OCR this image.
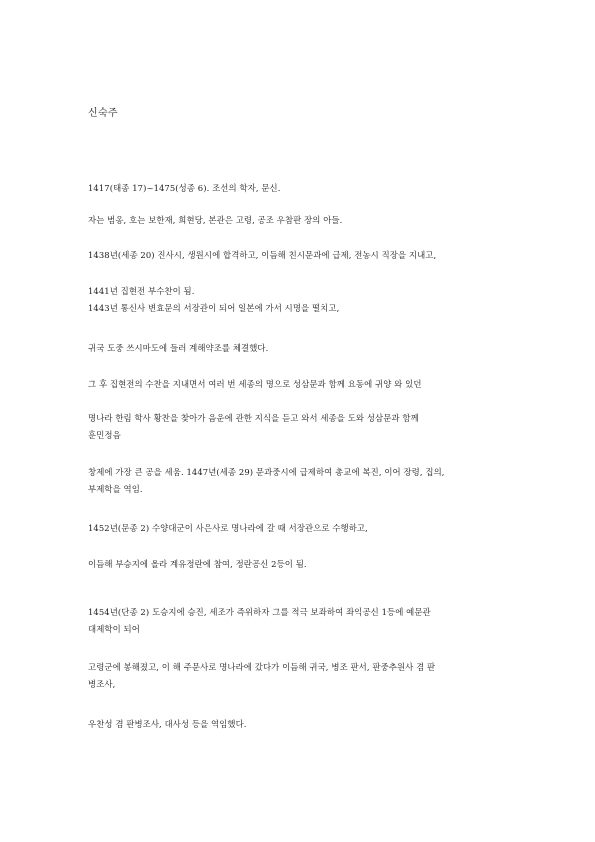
신숙주
1417(태종 17)~1475(성종 6). 조선의 학자, 문신.
자는 범옹, 호는 보한재, 희현당, 본관은 고령, 공조 우참판 장의 아들.
1438년(세종 20) 진사시, 생원시에 합격하고, 이듬해 친시문과에 급제, 전농시 직장을 지내고,
1441년 집현전 부수찬이 됨.
1443년 통신사 변효문의 서장관이 되어 일본에 가서 시명을 떨치고,
귀국 도중 쓰시마도에 들러 계해약조를 체결했다.
그 후 집현전의 수찬을 지내면서 여러 번 세종의 명으로 성삼문과 함께 요동에 귀양 와 있던
명나라 한림 학사 황찬을 찾아가 음운에 관한 지식을 듣고 와서 세종을 도와 성삼문과 함께
훈민정음
창제에 가장 큰 공을 세움. 1447년(세종 29) 문과중시에 급제하여 총교에 복진, 이어 장령, 집의,
부제학을 역임.
1452년(문종 2) 수양대군이 사은사로 명나라에 갈 때 서장관으로 수행하고,
이듬해 부승지에 올라 계유정란에 참여, 정란공신 2등이 됨.
1454년(단종 2) 도승지에 승진, 세조가 즉위하자 그를 적극 보좌하여 좌익공신 1등에 예문관
대제학이 되어
고령군에 봉해졌고, 이 해 주문사로 명나라에 갔다가 이듬해 귀국, 병조 판서, 판중추원사 겸 판
병조사,
우찬성 겸 판병조사, 대사성 등을 역임했다.
